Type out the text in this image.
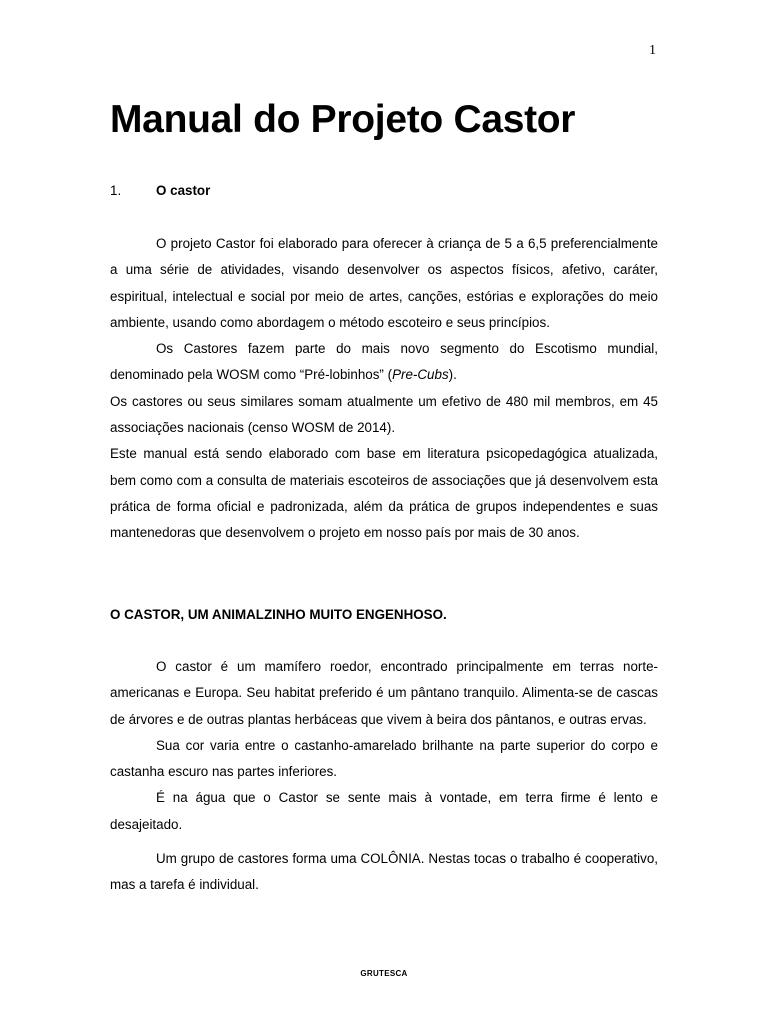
1
Manual do Projeto Castor
1.	O castor

O projeto Castor foi elaborado para oferecer à criança de 5 a 6,5 preferencialmente a uma série de atividades, visando desenvolver os aspectos físicos, afetivo, caráter, espiritual, intelectual e social por meio de artes, canções, estórias e explorações do meio ambiente, usando como abordagem o método escoteiro e seus princípios.

Os Castores fazem parte do mais novo segmento do Escotismo mundial, denominado pela WOSM como “Pré-lobinhos” (Pre-Cubs).

Os castores ou seus similares somam atualmente um efetivo de 480 mil membros, em 45 associações nacionais (censo WOSM de 2014).

Este manual está sendo elaborado com base em literatura psicopedagógica atualizada, bem como com a consulta de materiais escoteiros de associações que já desenvolvem esta prática de forma oficial e padronizada, além da prática de grupos independentes e suas mantenedoras que desenvolvem o projeto em nosso país por mais de 30 anos.

O CASTOR, UM ANIMALZINHO MUITO ENGENHOSO.

O castor é um mamífero roedor, encontrado principalmente em terras norte-americanas e Europa. Seu habitat preferido é um pântano tranquilo. Alimenta-se de cascas de árvores e de outras plantas herbáceas que vivem à beira dos pântanos, e outras ervas.

Sua cor varia entre o castanho-amarelado brilhante na parte superior do corpo e castanha escuro nas partes inferiores.

É na água que o Castor se sente mais à vontade, em terra firme é lento e desajeitado.

Um grupo de castores forma uma COLÔNIA. Nestas tocas o trabalho é cooperativo, mas a tarefa é individual.

GRUTESCA
